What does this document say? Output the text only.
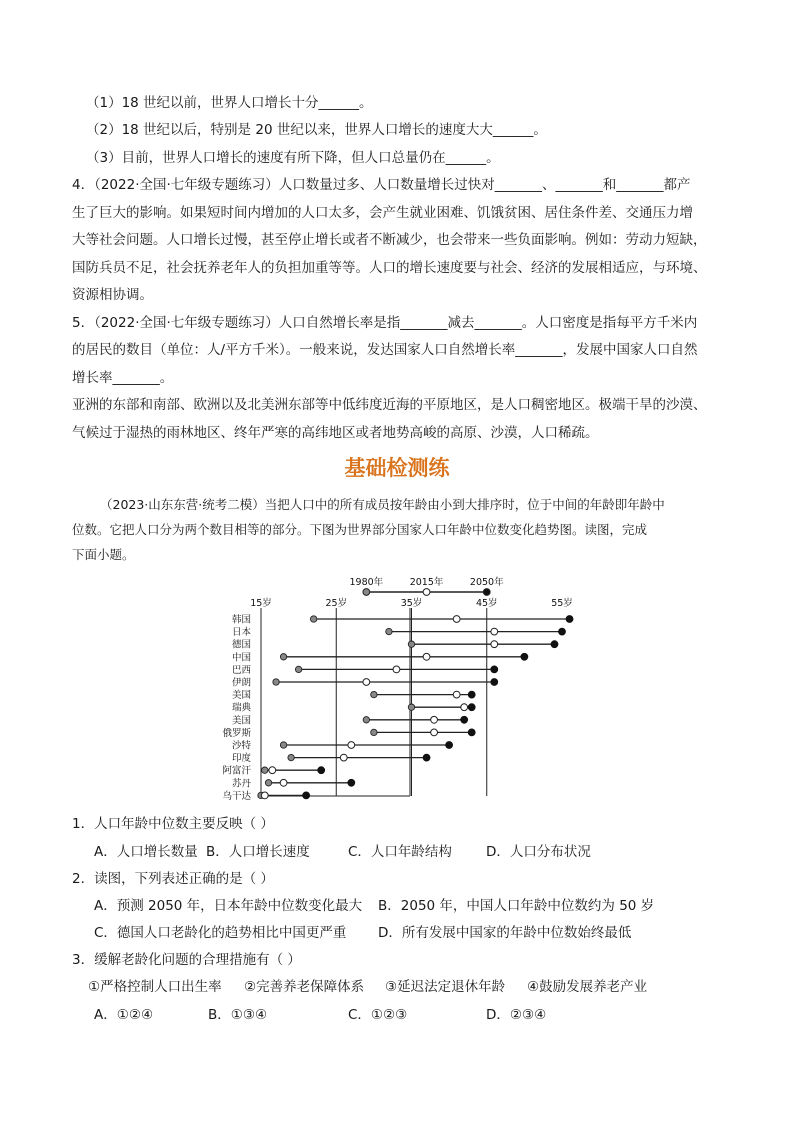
（1）18 世纪以前，世界人口增长十分______。
（2）18 世纪以后，特别是 20 世纪以来，世界人口增长的速度大大______。
（3）目前，世界人口增长的速度有所下降，但人口总量仍在______。
4．（2022·全国·七年级专题练习）人口数量过多、人口数量增长过快对_______、_______和_______都产
生了巨大的影响。如果短时间内增加的人口太多，会产生就业困难、饥饿贫困、居住条件差、交通压力增
大等社会问题。人口增长过慢，甚至停止增长或者不断减少，也会带来一些负面影响。例如：劳动力短缺，
国防兵员不足，社会抚养老年人的负担加重等等。人口的增长速度要与社会、经济的发展相适应，与环境、
资源相协调。
5．（2022·全国·七年级专题练习）人口自然增长率是指_______减去_______。人口密度是指每平方千米内
的居民的数目（单位：人/平方千米）。一般来说，发达国家人口自然增长率_______，发展中国家人口自然
增长率_______。
亚洲的东部和南部、欧洲以及北美洲东部等中低纬度近海的平原地区，是人口稠密地区。极端干旱的沙漠、
气候过于湿热的雨林地区、终年严寒的高纬地区或者地势高峻的高原、沙漠，人口稀疏。
基础检测练

（2023·山东东营·统考二模）当把人口中的所有成员按年龄由小到大排序时，位于中间的年龄即年龄中

位数。它把人口分为两个数目相等的部分。下图为世界部分国家人口年龄中位数变化趋势图。读图，完成

下面小题。

1980年	2015年	2050年
15岁	25岁	35岁	45岁	55岁
韩国
日本
德国
中国
巴西
伊朗
美国
瑞典
美国
俄罗斯
沙特
印度
阿富汗
苏丹
乌干达
1．人口年龄中位数主要反映（ ）
A．人口增长数量 B．人口增长速度	C．人口年龄结构	D．人口分布状况
2．读图，下列表述正确的是（ ）
A．预测 2050 年，日本年龄中位数变化最大 B．2050 年，中国人口年龄中位数约为 50 岁
C．德国人口老龄化的趋势相比中国更严重 D．所有发展中国家的年龄中位数始终最低
3．缓解老龄化问题的合理措施有（ ）
①严格控制人口出生率 ②完善养老保障体系 ③延迟法定退休年龄 ④鼓励发展养老产业
A．①②④	B．①③④	C．①②③	D．②③④
